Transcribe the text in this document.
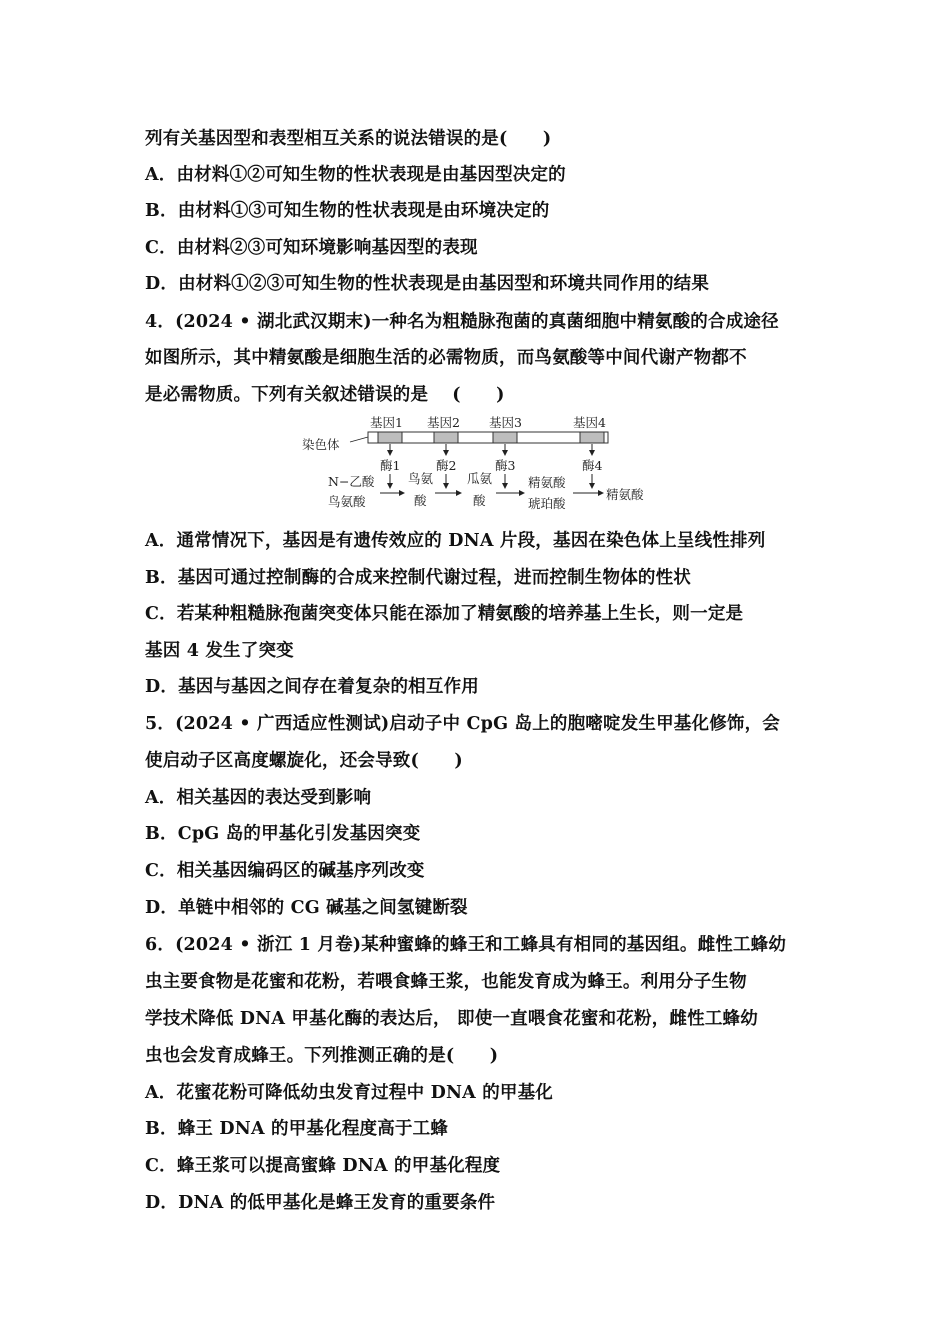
列有关基因型和表型相互关系的说法错误的是(　　)
A．由材料①②可知生物的性状表现是由基因型决定的
B．由材料①③可知生物的性状表现是由环境决定的
C．由材料②③可知环境影响基因型的表现
D．由材料①②③可知生物的性状表现是由基因型和环境共同作用的结果
4．(2024 • 湖北武汉期末)一种名为粗糙脉孢菌的真菌细胞中精氨酸的合成途径
如图所示，其中精氨酸是细胞生活的必需物质，而鸟氨酸等中间代谢产物都不
是必需物质。下列有关叙述错误的是　 (　　)
基因1 基因2 基因3	基因4
染色体
酶1	酶2	酶3	酶4
N−乙酸
鸟氨酸
鸟氨
酸
瓜氨
酸
精氨酸
琥珀酸
精氨酸
A．通常情况下，基因是有遗传效应的 DNA 片段，基因在染色体上呈线性排列
B．基因可通过控制酶的合成来控制代谢过程，进而控制生物体的性状
C．若某种粗糙脉孢菌突变体只能在添加了精氨酸的培养基上生长，则一定是
基因 4 发生了突变
D．基因与基因之间存在着复杂的相互作用
5．(2024 • 广西适应性测试)启动子中 CpG 岛上的胞嘧啶发生甲基化修饰，会
使启动子区高度螺旋化，还会导致(　　)
A．相关基因的表达受到影响
B．CpG 岛的甲基化引发基因突变
C．相关基因编码区的碱基序列改变
D．单链中相邻的 CG 碱基之间氢键断裂
6．(2024 • 浙江 1 月卷)某种蜜蜂的蜂王和工蜂具有相同的基因组。雌性工蜂幼
虫主要食物是花蜜和花粉，若喂食蜂王浆，也能发育成为蜂王。利用分子生物
学技术降低 DNA 甲基化酶的表达后， 即使一直喂食花蜜和花粉，雌性工蜂幼
虫也会发育成蜂王。下列推测正确的是(　　)
A．花蜜花粉可降低幼虫发育过程中 DNA 的甲基化
B．蜂王 DNA 的甲基化程度高于工蜂
C．蜂王浆可以提高蜜蜂 DNA 的甲基化程度
D．DNA 的低甲基化是蜂王发育的重要条件
